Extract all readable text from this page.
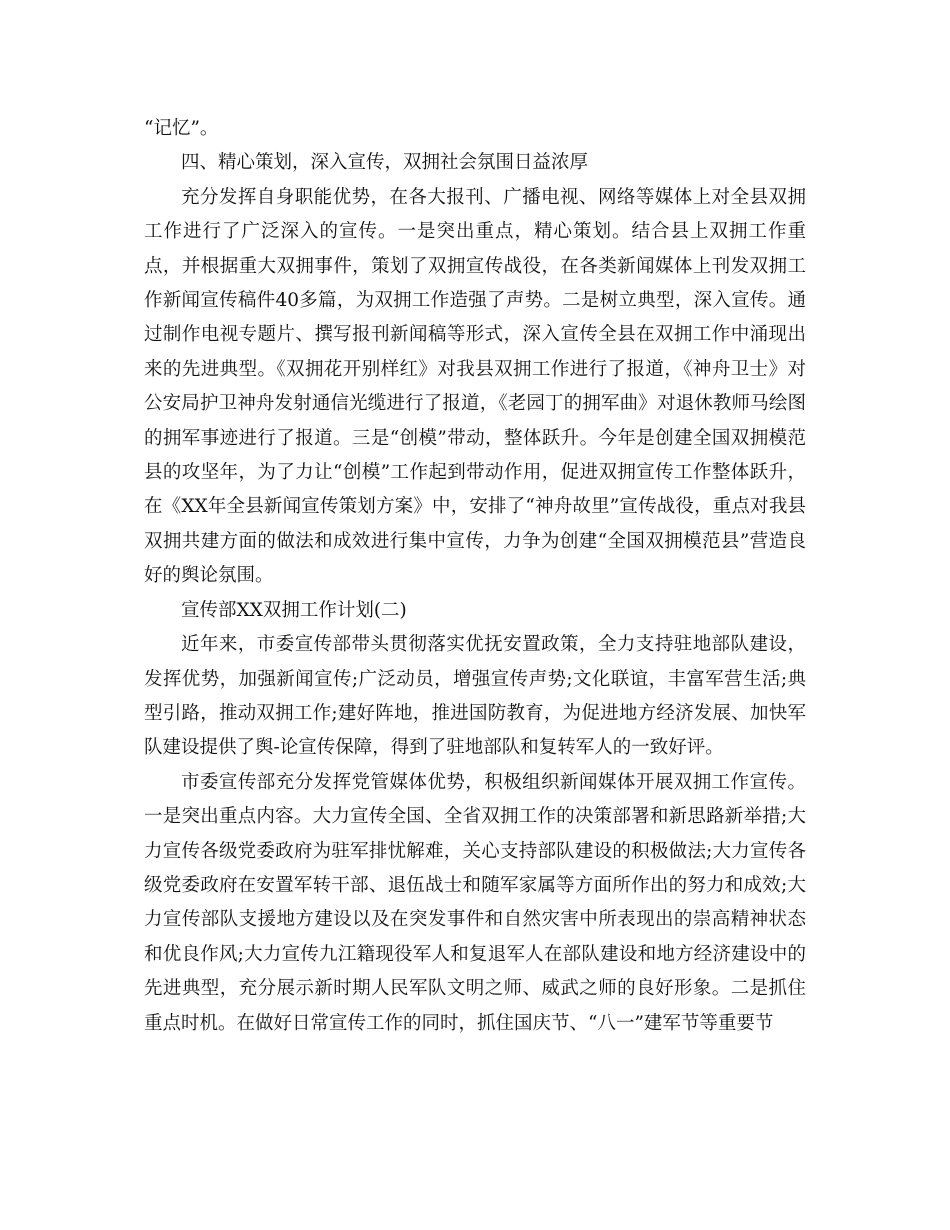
“记忆”。

四、精心策划，深入宣传，双拥社会氛围日益浓厚

充分发挥自身职能优势，在各大报刊、广播电视、网络等媒体上对全县双拥工作进行了广泛深入的宣传。一是突出重点，精心策划。结合县上双拥工作重点，并根据重大双拥事件，策划了双拥宣传战役，在各类新闻媒体上刊发双拥工作新闻宣传稿件40多篇，为双拥工作造强了声势。二是树立典型，深入宣传。通过制作电视专题片、撰写报刊新闻稿等形式，深入宣传全县在双拥工作中涌现出来的先进典型。《双拥花开别样红》对我县双拥工作进行了报道，《神舟卫士》对公安局护卫神舟发射通信光缆进行了报道，《老园丁的拥军曲》对退休教师马绘图的拥军事迹进行了报道。三是“创模”带动，整体跃升。今年是创建全国双拥模范县的攻坚年，为了力让“创模”工作起到带动作用，促进双拥宣传工作整体跃升，在《XX年全县新闻宣传策划方案》中，安排了“神舟故里”宣传战役，重点对我县双拥共建方面的做法和成效进行集中宣传，力争为创建“全国双拥模范县”营造良好的舆论氛围。

宣传部XX双拥工作计划(二)

近年来，市委宣传部带头贯彻落实优抚安置政策，全力支持驻地部队建设，发挥优势，加强新闻宣传;广泛动员，增强宣传声势;文化联谊，丰富军营生活;典型引路，推动双拥工作;建好阵地，推进国防教育，为促进地方经济发展、加快军队建设提供了舆-论宣传保障，得到了驻地部队和复转军人的一致好评。

市委宣传部充分发挥党管媒体优势，积极组织新闻媒体开展双拥工作宣传。一是突出重点内容。大力宣传全国、全省双拥工作的决策部署和新思路新举措;大力宣传各级党委政府为驻军排忧解难，关心支持部队建设的积极做法;大力宣传各级党委政府在安置军转干部、退伍战士和随军家属等方面所作出的努力和成效;大力宣传部队支援地方建设以及在突发事件和自然灾害中所表现出的崇高精神状态和优良作风;大力宣传九江籍现役军人和复退军人在部队建设和地方经济建设中的先进典型，充分展示新时期人民军队文明之师、威武之师的良好形象。二是抓住重点时机。在做好日常宣传工作的同时，抓住国庆节、“八一”建军节等重要节
